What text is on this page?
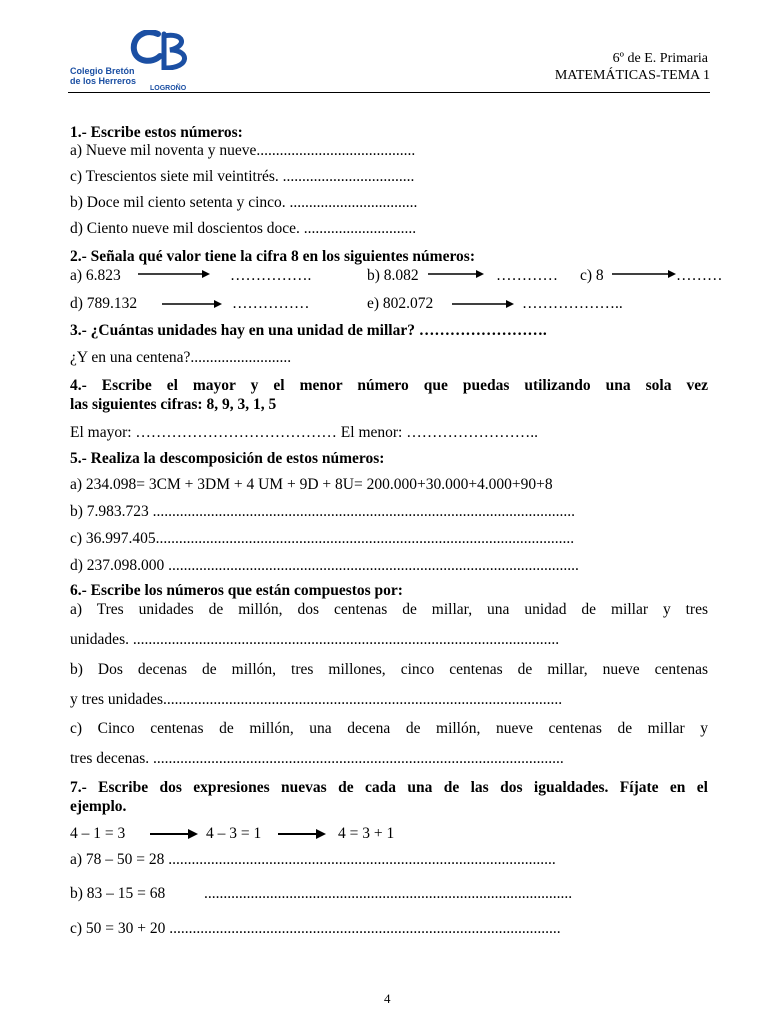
Colegio Bretón
de los Herreros
LOGROÑO
6º de E. Primaria
MATEMÁTICAS-TEMA 1
1.- Escribe estos números:
a) Nueve mil noventa y nueve.........................................
c) Trescientos siete mil veintitrés. ..................................
b) Doce mil ciento setenta y cinco. .................................
d) Ciento nueve mil doscientos doce. .............................
2.- Señala qué valor tiene la cifra 8 en los siguientes números:
a) 6.823	…………….	b) 8.082	………… c) 8	………
d) 789.132	……………	e) 802.072	………………..
3.- ¿Cuántas unidades hay en una unidad de millar? …………………….
¿Y en una centena?..........................
4.- Escribe el mayor y el menor número que puedas utilizando una sola vez
las siguientes cifras: 8, 9, 3, 1, 5
El mayor: ………………………………… El menor: ……………………..
5.- Realiza la descomposición de estos números:
a) 234.098= 3CM + 3DM + 4 UM + 9D + 8U= 200.000+30.000+4.000+90+8
b) 7.983.723 .............................................................................................................
c) 36.997.405............................................................................................................
d) 237.098.000 ..........................................................................................................
6.- Escribe los números que están compuestos por:
a) Tres unidades de millón, dos centenas de millar, una unidad de millar y tres
unidades. ..............................................................................................................
b) Dos decenas de millón, tres millones, cinco centenas de millar, nueve centenas
y tres unidades.......................................................................................................
c) Cinco centenas de millón, una decena de millón, nueve centenas de millar y
tres decenas. ..........................................................................................................
7.- Escribe dos expresiones nuevas de cada una de las dos igualdades. Fíjate en el
ejemplo.
4 – 1 = 3	4 – 3 = 1	4 = 3 + 1
a) 78 – 50 = 28 ....................................................................................................
b) 83 – 15 = 68 ...............................................................................................
c) 50 = 30 + 20 .....................................................................................................
4
